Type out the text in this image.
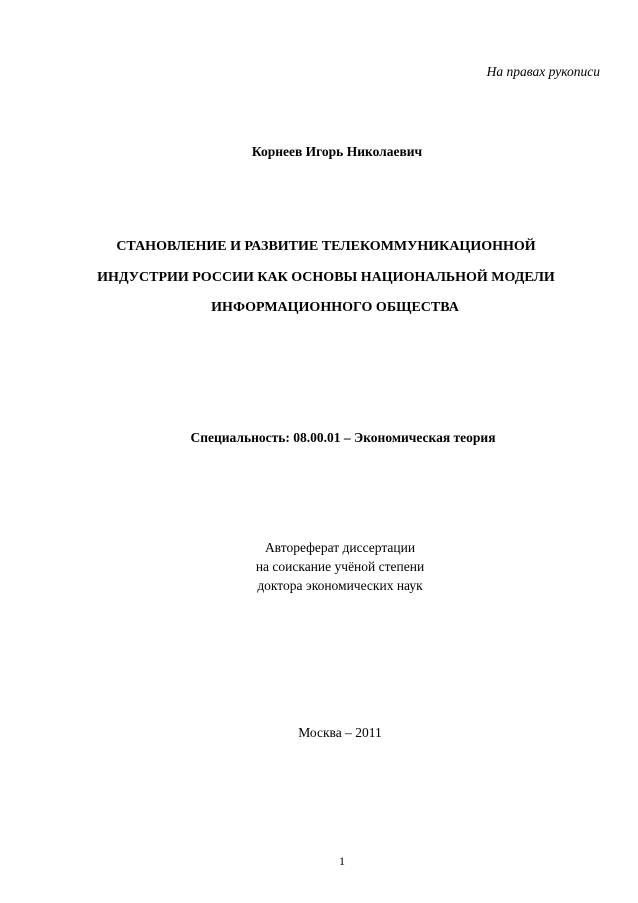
На правах рукописи
Корнеев Игорь Николаевич
СТАНОВЛЕНИЕ И РАЗВИТИЕ ТЕЛЕКОММУНИКАЦИОННОЙ
ИНДУСТРИИ РОССИИ КАК ОСНОВЫ НАЦИОНАЛЬНОЙ МОДЕЛИ
ИНФОРМАЦИОННОГО ОБЩЕСТВА
Специальность: 08.00.01 – Экономическая теория
Автореферат диссертации
на соискание учёной степени
доктора экономических наук
Москва – 2011
1
